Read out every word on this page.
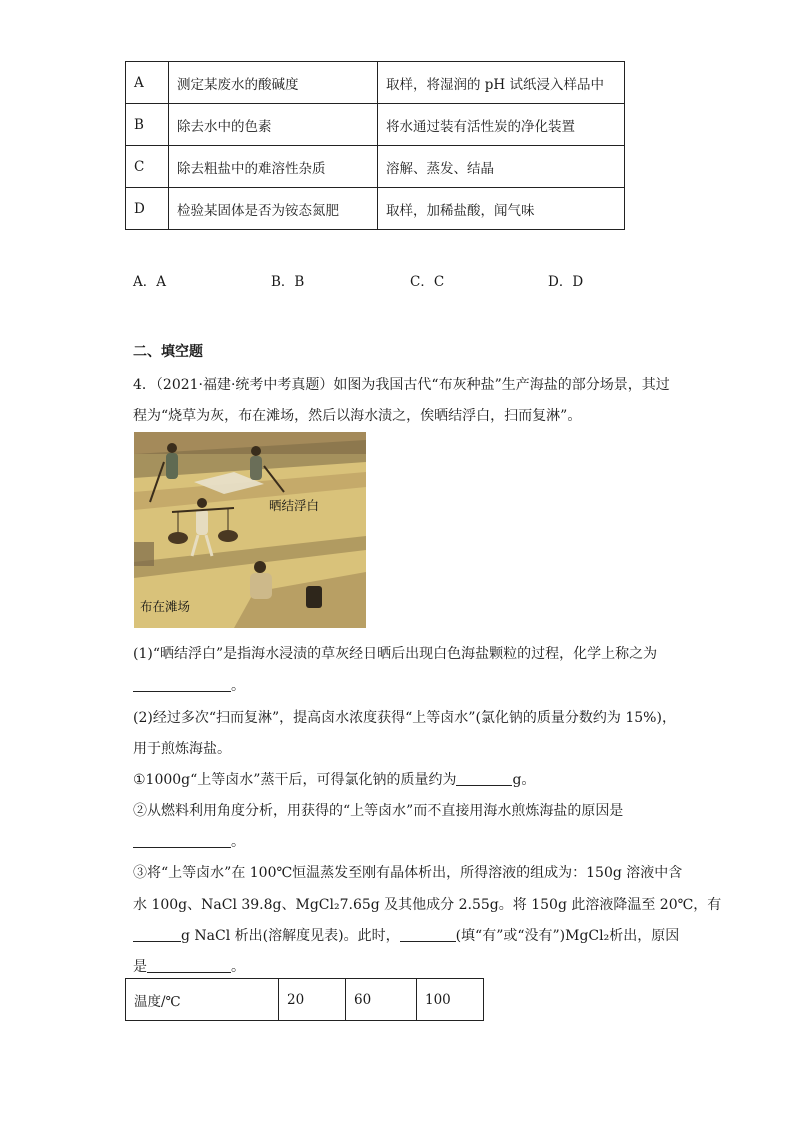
A	测定某废水的酸碱度	取样，将湿润的 pH 试纸浸入样品中
B	除去水中的色素	将水通过装有活性炭的净化装置
C	除去粗盐中的难溶性杂质	溶解、蒸发、结晶
D	检验某固体是否为铵态氮肥	取样，加稀盐酸，闻气味
A．A	B．B	C．C	D．D
二、填空题
4．（2021·福建·统考中考真题）如图为我国古代“布灰种盐”生产海盐的部分场景，其过
程为“烧草为灰，布在滩场，然后以海水渍之，俟晒结浮白，扫而复淋”。
晒结浮白
布在滩场
(1)“晒结浮白”是指海水浸渍的草灰经日晒后出现白色海盐颗粒的过程，化学上称之为
。
(2)经过多次“扫而复淋”，提高卤水浓度获得“上等卤水”(氯化钠的质量分数约为 15%)，
用于煎炼海盐。
①1000g“上等卤水”蒸干后，可得氯化钠的质量约为	g。
②从燃料利用角度分析，用获得的“上等卤水”而不直接用海水煎炼海盐的原因是
。
③将“上等卤水”在 100℃恒温蒸发至刚有晶体析出，所得溶液的组成为：150g 溶液中含
水 100g、NaCl 39.8g、MgCl₂7.65g 及其他成分 2.55g。将 150g 此溶液降温至 20℃，有
g NaCl 析出(溶解度见表)。此时，	(填“有”或“没有”)MgCl₂析出，原因
是	。
温度/℃	20	60	100
